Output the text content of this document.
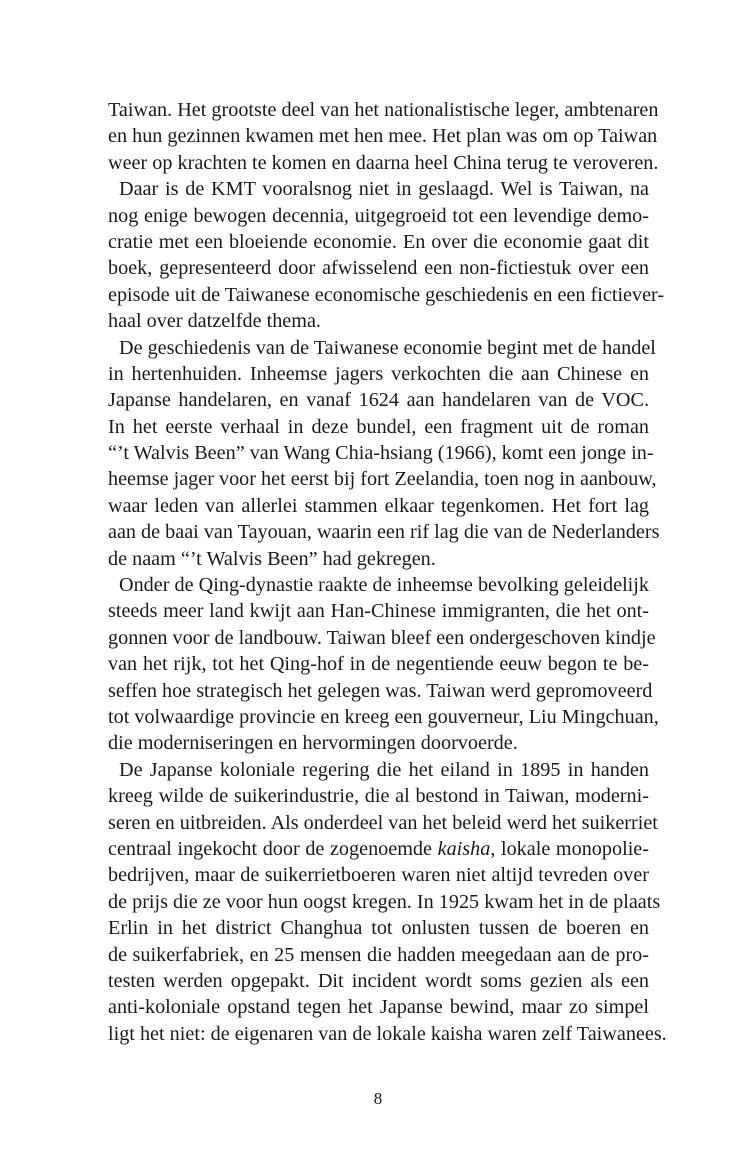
Taiwan. Het grootste deel van het nationalistische leger, ambtenaren
en hun gezinnen kwamen met hen mee. Het plan was om op Taiwan
weer op krachten te komen en daarna heel China terug te veroveren.
Daar is de KMT vooralsnog niet in geslaagd. Wel is Taiwan, na
nog enige bewogen decennia, uitgegroeid tot een levendige demo-
cratie met een bloeiende economie. En over die economie gaat dit
boek, gepresenteerd door afwisselend een non-fictiestuk over een
episode uit de Taiwanese economische geschiedenis en een fictiever-
haal over datzelfde thema.
De geschiedenis van de Taiwanese economie begint met de handel
in hertenhuiden. Inheemse jagers verkochten die aan Chinese en
Japanse handelaren, en vanaf 1624 aan handelaren van de VOC.
In het eerste verhaal in deze bundel, een fragment uit de roman
“’t Walvis Been” van Wang Chia-hsiang (1966), komt een jonge in-
heemse jager voor het eerst bij fort Zeelandia, toen nog in aanbouw,
waar leden van allerlei stammen elkaar tegenkomen. Het fort lag
aan de baai van Tayouan, waarin een rif lag die van de Nederlanders
de naam “’t Walvis Been” had gekregen.
Onder de Qing-dynastie raakte de inheemse bevolking geleidelijk
steeds meer land kwijt aan Han-Chinese immigranten, die het ont-
gonnen voor de landbouw. Taiwan bleef een ondergeschoven kindje
van het rijk, tot het Qing-hof in de negentiende eeuw begon te be-
seffen hoe strategisch het gelegen was. Taiwan werd gepromoveerd
tot volwaardige provincie en kreeg een gouverneur, Liu Mingchuan,
die moderniseringen en hervormingen doorvoerde.
De Japanse koloniale regering die het eiland in 1895 in handen
kreeg wilde de suikerindustrie, die al bestond in Taiwan, moderni-
seren en uitbreiden. Als onderdeel van het beleid werd het suikerriet
centraal ingekocht door de zogenoemde kaisha, lokale monopolie-
bedrijven, maar de suikerrietboeren waren niet altijd tevreden over
de prijs die ze voor hun oogst kregen. In 1925 kwam het in de plaats
Erlin in het district Changhua tot onlusten tussen de boeren en
de suikerfabriek, en 25 mensen die hadden meegedaan aan de pro-
testen werden opgepakt. Dit incident wordt soms gezien als een
anti-koloniale opstand tegen het Japanse bewind, maar zo simpel
ligt het niet: de eigenaren van de lokale kaisha waren zelf Taiwanees.
8
